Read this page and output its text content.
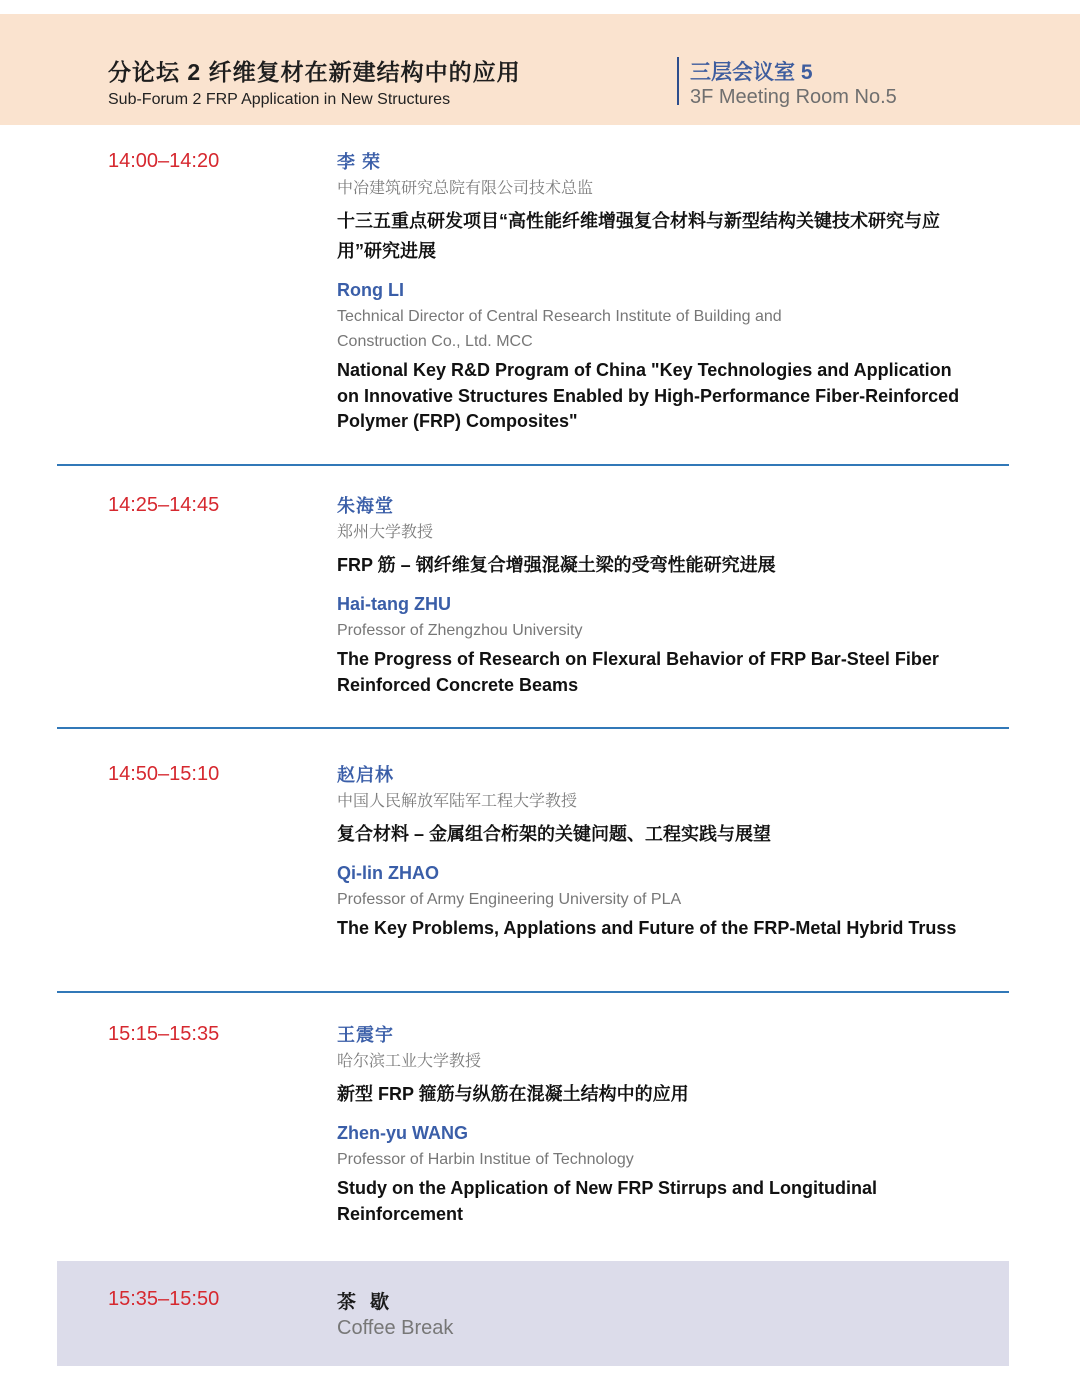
分论坛 2 纤维复材在新建结构中的应用
Sub-Forum 2 FRP Application in New Structures
三层会议室 5
3F Meeting Room No.5
14:00–14:20	李 荣
中冶建筑研究总院有限公司技术总监
十三五重点研发项目“高性能纤维增强复合材料与新型结构关键技术研究与应用”研究进展
Rong LI
Technical Director of Central Research Institute of Building and Construction Co., Ltd. MCC
National Key R&D Program of China "Key Technologies and Application on Innovative Structures Enabled by High-Performance Fiber-Reinforced Polymer (FRP) Composites"
14:25–14:45	朱海堂
郑州大学教授
FRP 筋 – 钢纤维复合增强混凝土梁的受弯性能研究进展
Hai-tang ZHU
Professor of Zhengzhou University
The Progress of Research on Flexural Behavior of FRP Bar-Steel Fiber Reinforced Concrete Beams
14:50–15:10	赵启林
中国人民解放军陆军工程大学教授
复合材料 – 金属组合桁架的关键问题、工程实践与展望
Qi-lin ZHAO
Professor of Army Engineering University of PLA
The Key Problems, Applations and Future of the FRP-Metal Hybrid Truss
15:15–15:35	王震宇
哈尔滨工业大学教授
新型 FRP 箍筋与纵筋在混凝土结构中的应用
Zhen-yu WANG
Professor of Harbin Institue of Technology
Study on the Application of New FRP Stirrups and Longitudinal Reinforcement
15:35–15:50	茶歇
Coffee Break
